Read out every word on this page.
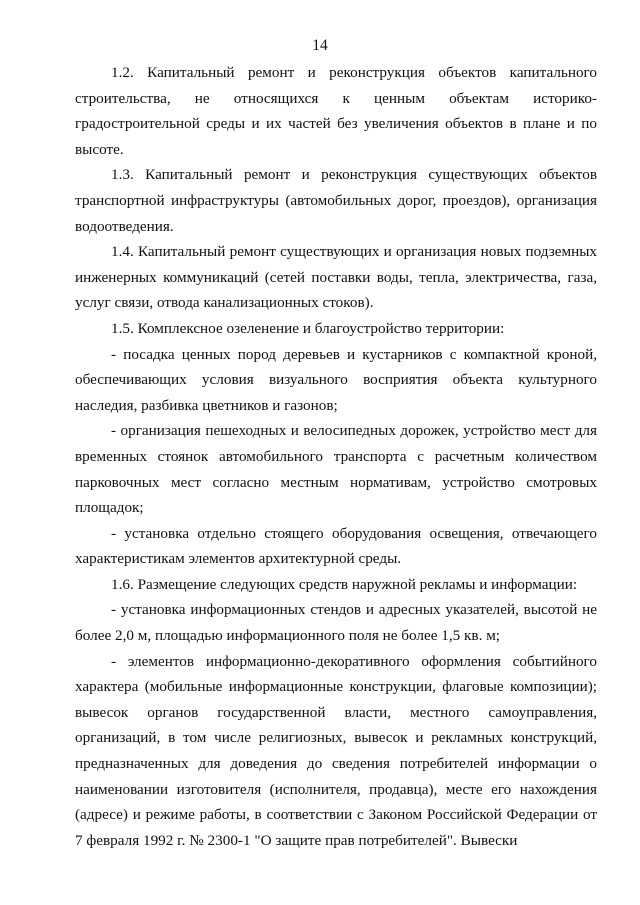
14

1.2. Капитальный ремонт и реконструкция объектов капитального строительства, не относящихся к ценным объектам историко-градостроительной среды и их частей без увеличения объектов в плане и по высоте.

1.3. Капитальный ремонт и реконструкция существующих объектов транспортной инфраструктуры (автомобильных дорог, проездов), организация водоотведения.

1.4. Капитальный ремонт существующих и организация новых подземных инженерных коммуникаций (сетей поставки воды, тепла, электричества, газа, услуг связи, отвода канализационных стоков).

1.5. Комплексное озеленение и благоустройство территории:

- посадка ценных пород деревьев и кустарников с компактной кроной, обеспечивающих условия визуального восприятия объекта культурного наследия, разбивка цветников и газонов;

- организация пешеходных и велосипедных дорожек, устройство мест для временных стоянок автомобильного транспорта с расчетным количеством парковочных мест согласно местным нормативам, устройство смотровых площадок;

- установка отдельно стоящего оборудования освещения, отвечающего характеристикам элементов архитектурной среды.

1.6. Размещение следующих средств наружной рекламы и информации:

- установка информационных стендов и адресных указателей, высотой не более 2,0 м, площадью информационного поля не более 1,5 кв. м;

- элементов информационно-декоративного оформления событийного характера (мобильные информационные конструкции, флаговые композиции); вывесок органов государственной власти, местного самоуправления, организаций, в том числе религиозных, вывесок и рекламных конструкций, предназначенных для доведения до сведения потребителей информации о наименовании изготовителя (исполнителя, продавца), месте его нахождения (адресе) и режиме работы, в соответствии с Законом Российской Федерации от 7 февраля 1992 г. № 2300-1 "О защите прав потребителей". Вывески
